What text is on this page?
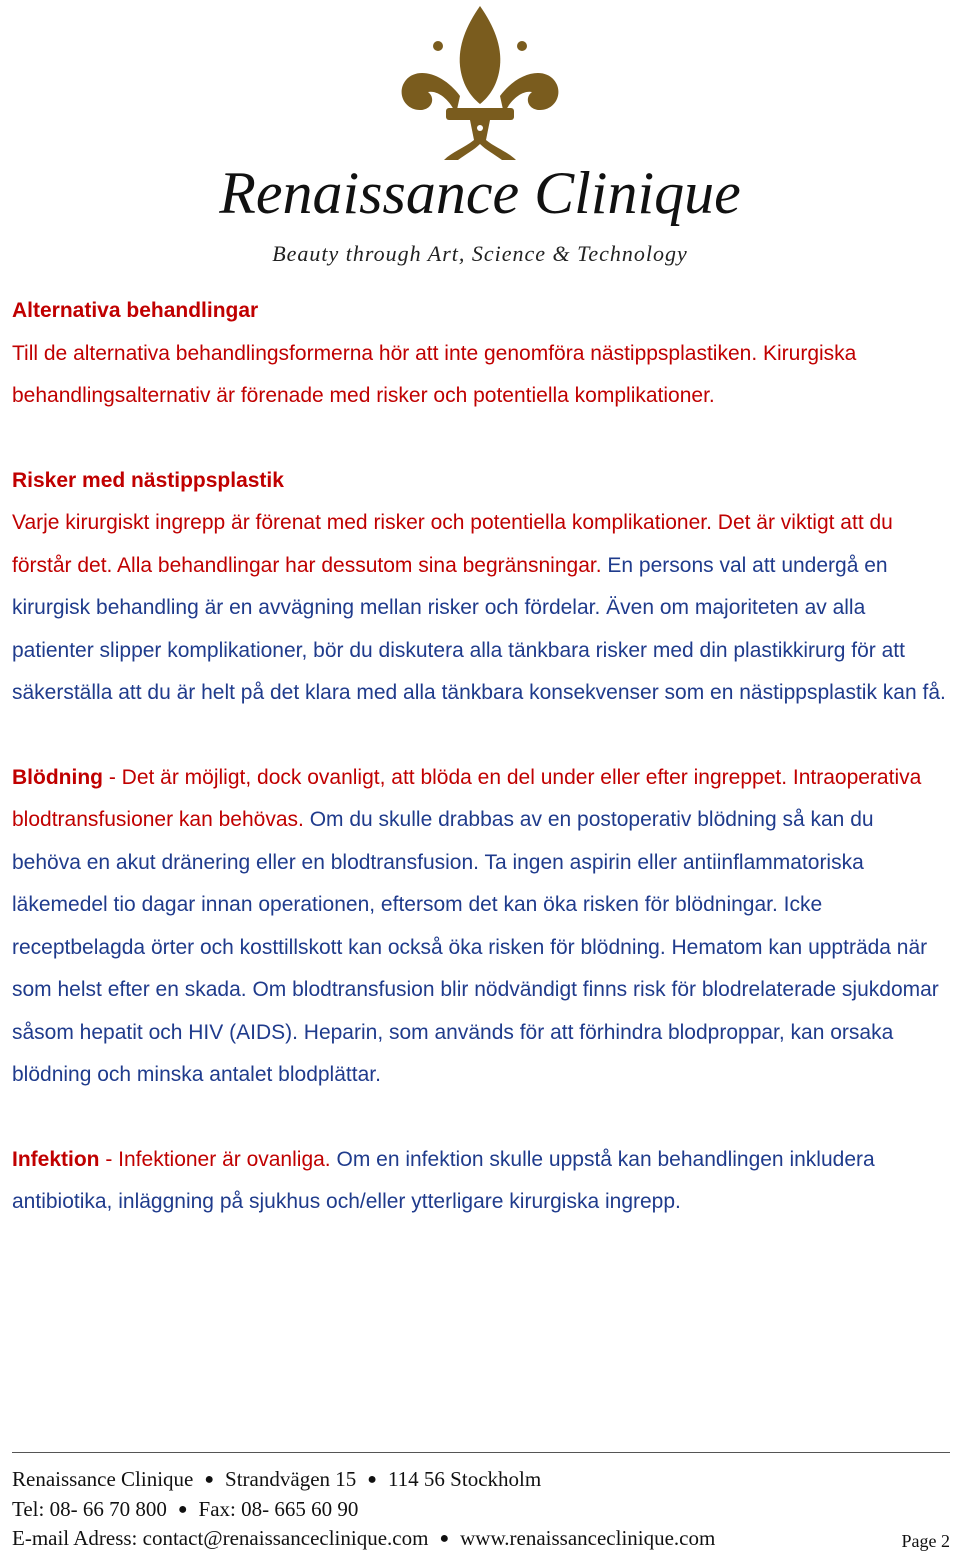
Renaissance Clinique
Beauty through Art, Science & Technology

Alternativa behandlingar

Till de alternativa behandlingsformerna hör att inte genomföra nästippsplastiken. Kirurgiska behandlingsalternativ är förenade med risker och potentiella komplikationer.

Risker med nästippsplastik

Varje kirurgiskt ingrepp är förenat med risker och potentiella komplikationer. Det är viktigt att du förstår det. Alla behandlingar har dessutom sina begränsningar. En persons val att undergå en kirurgisk behandling är en avvägning mellan risker och fördelar. Även om majoriteten av alla patienter slipper komplikationer, bör du diskutera alla tänkbara risker med din plastikkirurg för att säkerställa att du är helt på det klara med alla tänkbara konsekvenser som en nästippsplastik kan få.

Blödning - Det är möjligt, dock ovanligt, att blöda en del under eller efter ingreppet. Intraoperativa blodtransfusioner kan behövas. Om du skulle drabbas av en postoperativ blödning så kan du behöva en akut dränering eller en blodtransfusion. Ta ingen aspirin eller antiinflammatoriska läkemedel tio dagar innan operationen, eftersom det kan öka risken för blödningar. Icke receptbelagda örter och kosttillskott kan också öka risken för blödning. Hematom kan uppträda när som helst efter en skada. Om blodtransfusion blir nödvändigt finns risk för blodrelaterade sjukdomar såsom hepatit och HIV (AIDS). Heparin, som används för att förhindra blodproppar, kan orsaka blödning och minska antalet blodplättar.

Infektion - Infektioner är ovanliga. Om en infektion skulle uppstå kan behandlingen inkludera antibiotika, inläggning på sjukhus och/eller ytterligare kirurgiska ingrepp.

Renaissance Clinique ● Strandvägen 15 ● 114 56 Stockholm
Tel: 08- 66 70 800 ● Fax: 08- 665 60 90
E-mail Adress: contact@renaissanceclinique.com ● www.renaissanceclinique.com	Page 2
